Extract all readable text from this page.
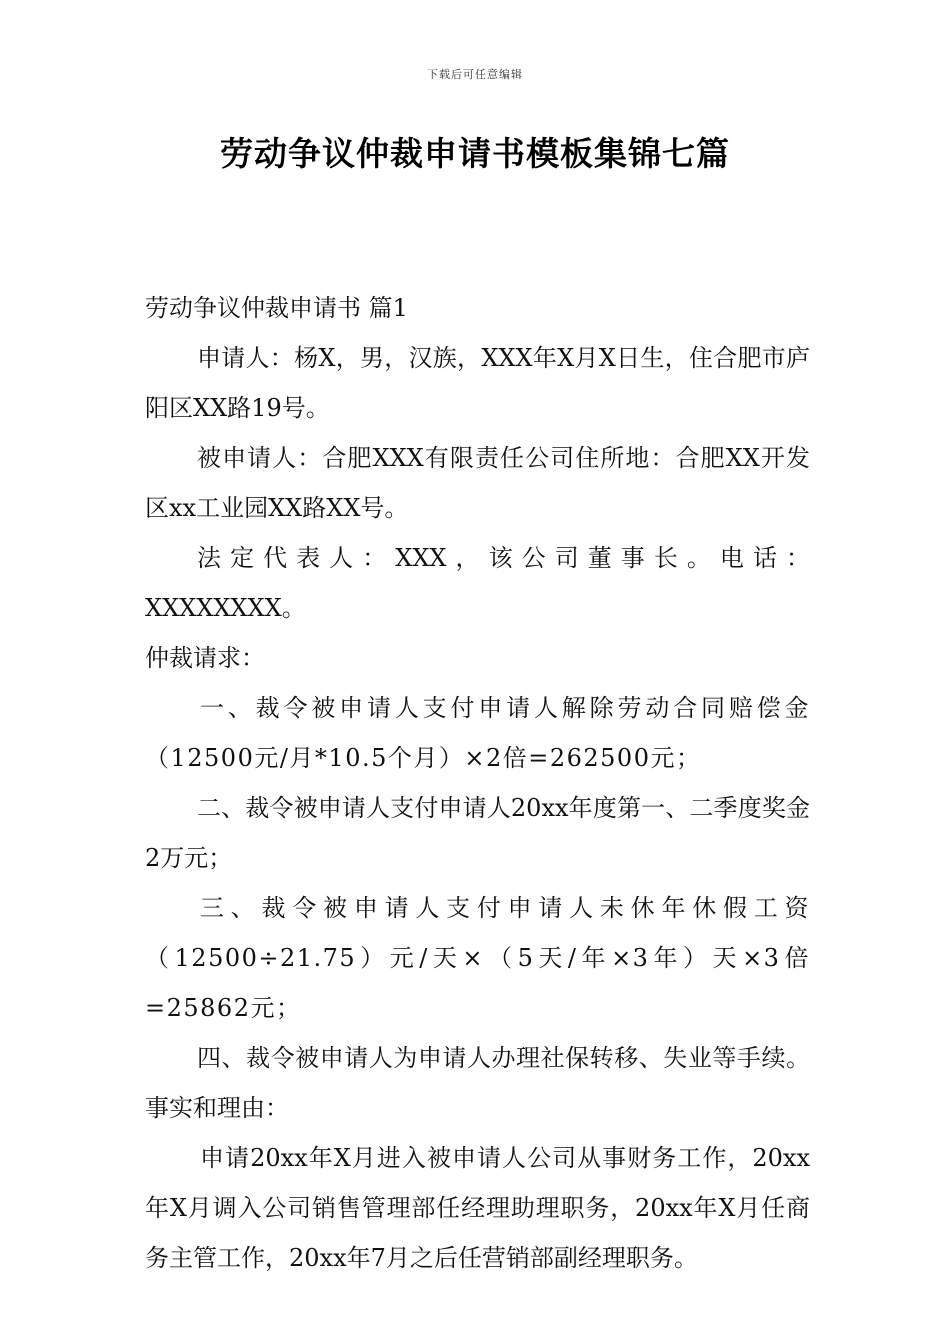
下载后可任意编辑
劳动争议仲裁申请书模板集锦七篇

劳动争议仲裁申请书 篇1

申请人：杨X，男，汉族，XXX年X月X日生，住合肥市庐阳区XX路19号。

被申请人：合肥XXX有限责任公司住所地：合肥XX开发区xx工业园XX路XX号。

法定代表人：XXX，该公司董事长。电话：XXXXXXXX。

仲裁请求：

一、裁令被申请人支付申请人解除劳动合同赔偿金（12500元/月*10.5个月）×2倍=262500元；

二、裁令被申请人支付申请人20xx年度第一、二季度奖金2万元；

三、裁令被申请人支付申请人未休年休假工资（12500÷21.75）元/天×（5天/年×3年）天×3倍=25862元；

四、裁令被申请人为申请人办理社保转移、失业等手续。 事实和理由：

申请20xx年X月进入被申请人公司从事财务工作，20xx年X月调入公司销售管理部任经理助理职务，20xx年X月任商务主管工作，20xx年7月之后任营销部副经理职务。
